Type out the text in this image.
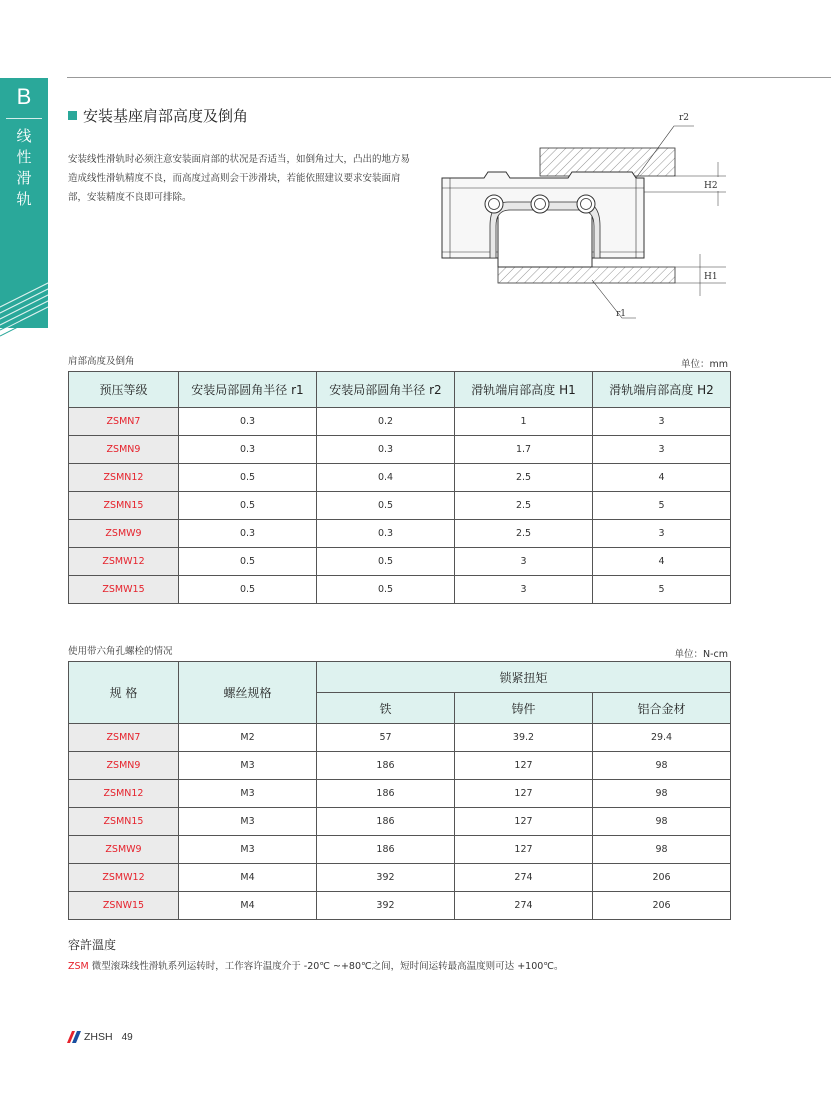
B
线
性
滑
轨
安装基座肩部高度及倒角
安装线性滑轨时必须注意安装面肩部的状况是否适当，如倒角过大，凸出的地方易造成线性滑轨精度不良，而高度过高则会干涉滑块，若能依照建议要求安装面肩部，安装精度不良即可排除。
r2
H2
H1
r1
肩部高度及倒角	单位：mm
预压等级	安装局部圆角半径 r1	安装局部圆角半径 r2	滑轨端肩部高度 H1	滑轨端肩部高度 H2
ZSMN7	0.3	0.2	1	3
ZSMN9	0.3	0.3	1.7	3
ZSMN12	0.5	0.4	2.5	4
ZSMN15	0.5	0.5	2.5	5
ZSMW9	0.3	0.3	2.5	3
ZSMW12	0.5	0.5	3	4
ZSMW15	0.5	0.5	3	5
使用带六角孔螺栓的情况	单位：N-cm
规 格	螺丝规格	锁紧扭矩		
		铁	铸件	铝合金材
ZSMN7	M2	57	39.2	29.4
ZSMN9	M3	186	127	98
ZSMN12	M3	186	127	98
ZSMN15	M3	186	127	98
ZSMW9	M3	186	127	98
ZSMW12	M4	392	274	206
ZSNW15	M4	392	274	206
容許溫度
ZSM 微型滚珠线性滑轨系列运转时，工作容许温度介于 -20℃ ~+80℃之间，短时间运转最高温度则可达 +100℃。
ZHSH 49
